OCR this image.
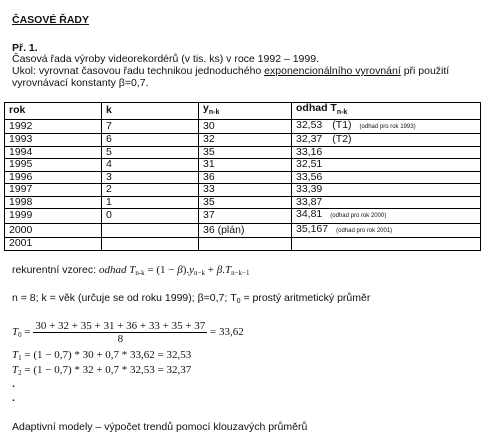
ČASOVÉ ŘADY
Př. 1.
Časová řada výroby videorekordérů (v tis. ks) v roce 1992 – 1999.
Ukol: vyrovnat časovou řadu technikou jednoduchého exponencionálního vyrovnání při použití
vyrovnávací konstanty β=0,7.
rok	k	$y_{n-k}$	odhad $T_{n-k}$
1992	7	30	32,53 (T1) (odhad pro rok 1993)
1993	6	32	32,37 (T2)
1994	5	35	33,16
1995	4	31	32,51
1996	3	36	33,56
1997	2	33	33,39
1998	1	35	33,87
1999	0	37	34,81 (odhad pro rok 2000)
2000		36 (plán)	35,167 (odhad pro rok 2001)
2001			
rekurentní vzorec: odhad Tn-k = (1 − β).yn−k + β.Tn−k−1
n = 8; k = věk (určuje se od roku 1999); β=0,7; T0 = prostý aritmetický průměr
$T0 = \frac{30 + 32 + 35 + 31 + 36 + 33 + 35 + 37}{8} = 33,62$
T1 = (1 − 0,7) * 30 + 0,7 * 33,62 = 32,53
T2 = (1 − 0,7) * 32 + 0,7 * 32,53 = 32,37
.
.
Adaptivní modely – výpočet trendů pomocí klouzavých průměrů
